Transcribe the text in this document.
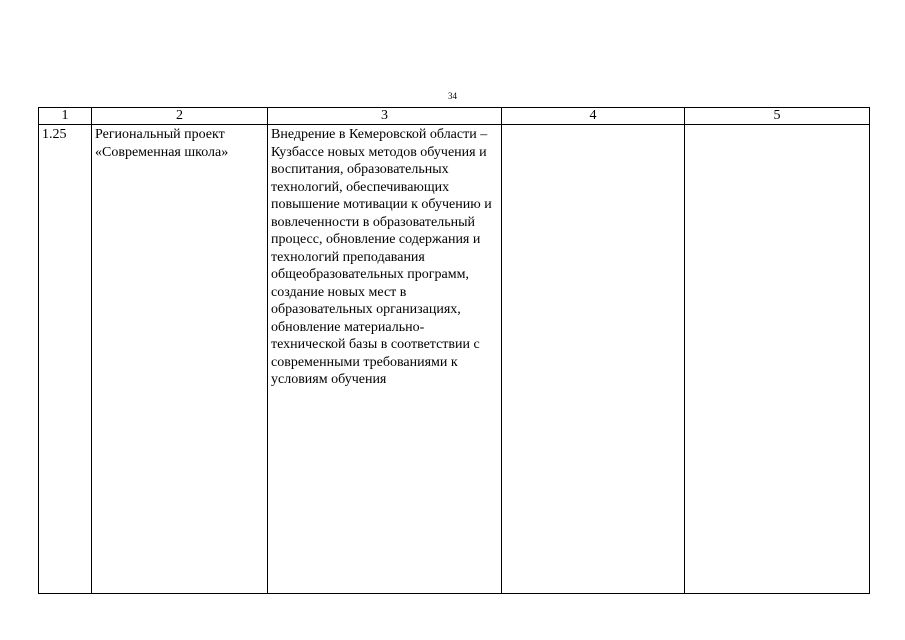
34
1	2	3	4	5

1.25	Региональный проект «Современная школа»	Внедрение в Кемеровской области – Кузбассе новых методов обучения и воспитания, образовательных технологий, обеспечивающих повышение мотивации к обучению и вовлеченности в образовательный процесс, обновление содержания и технологий преподавания общеобразовательных программ, создание новых мест в образовательных организациях, обновление материально-технической базы в соответствии с современными требованиями к условиям обучения		
